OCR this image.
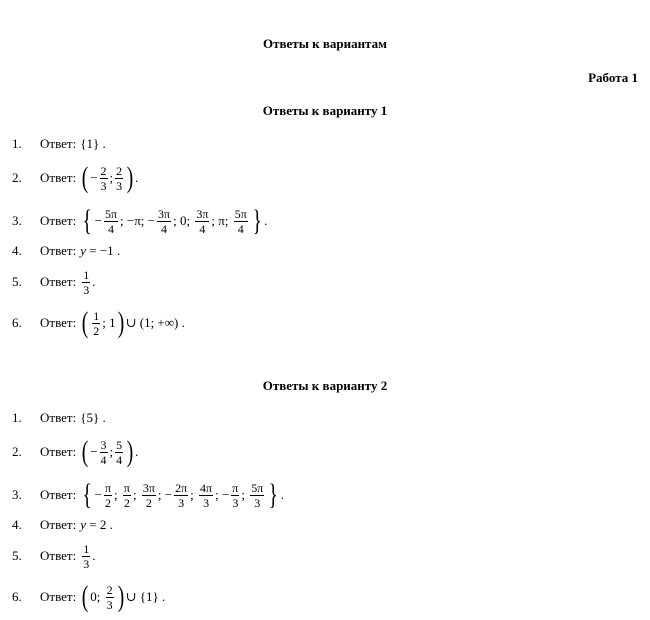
Ответы к вариантам
Работа 1
Ответы к варианту 1
1.	Ответ: {1} .
2.	Ответ: ( − $\frac{2}{3}$ ; $\frac{2}{3}$ ) .
3.	Ответ: { − $\frac{5\pi}{4}$ ; − π ; − $\frac{3\pi}{4}$ ; 0 ; $\frac{3\pi}{4}$ ; π ; $\frac{5\pi}{4}$ } .
4.	Ответ: y = −1 .
5.	Ответ: $\frac{1}{3}$ .
6.	Ответ: ( $\frac{1}{2}$ ; 1 ) ∪ (1; +∞) .
Ответы к варианту 2
1.	Ответ: {5} .
2.	Ответ: ( − $\frac{3}{4}$ ; $\frac{5}{4}$ ) .
3.	Ответ: { − $\frac{\pi}{2}$ ; $\frac{\pi}{2}$ ; $\frac{3\pi}{2}$ ; − $\frac{2\pi}{3}$ ; $\frac{4\pi}{3}$ ; − $\frac{\pi}{3}$ ; $\frac{5\pi}{3}$ } .
4.	Ответ: y = 2 .
5.	Ответ: $\frac{1}{3}$ .
6.	Ответ: ( 0 ; $\frac{2}{3}$ ) ∪ {1} .
